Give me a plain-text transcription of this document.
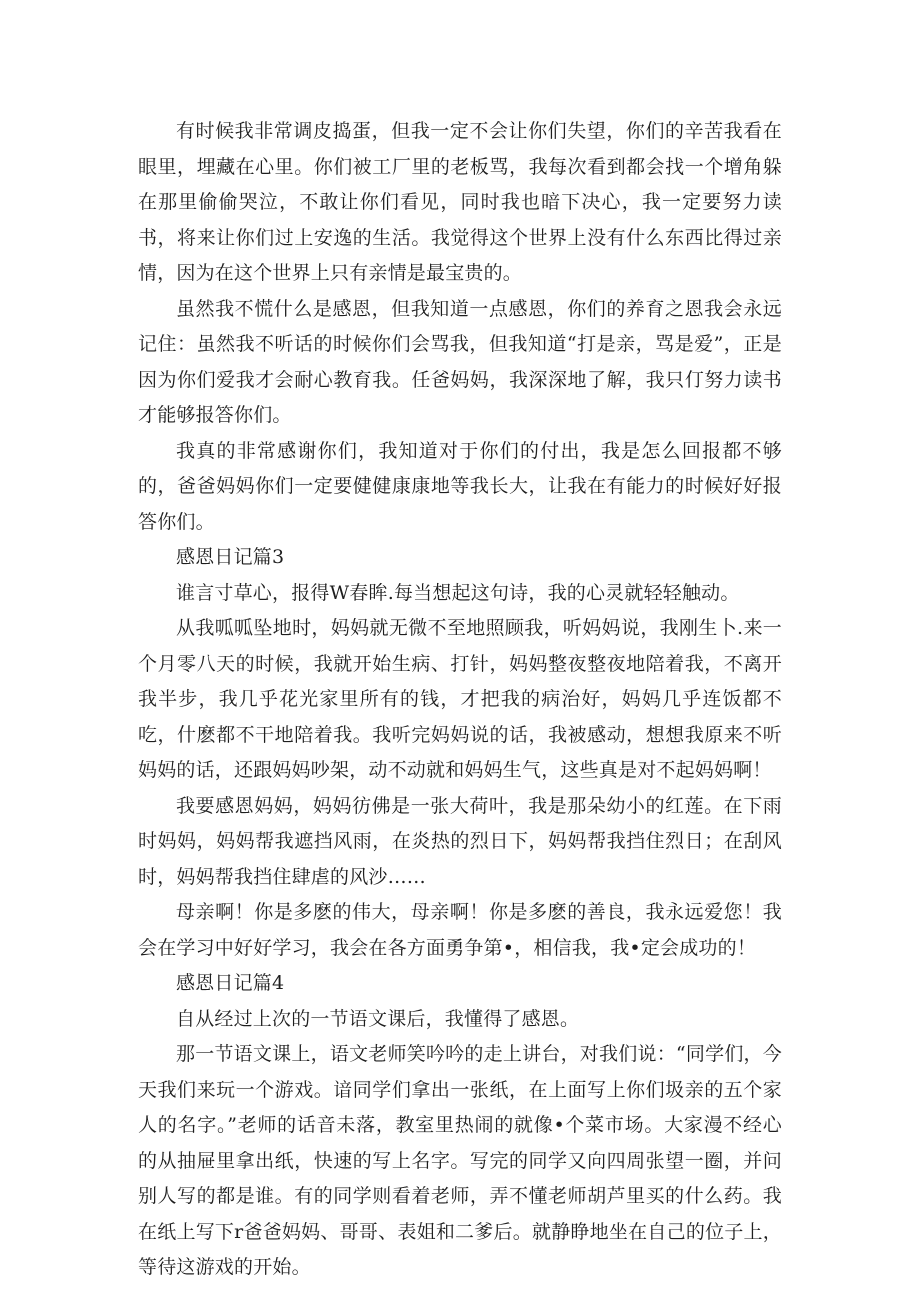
有时候我非常调皮捣蛋，但我一定不会让你们失望，你们的辛苦我看在眼里，埋藏在心里。你们被工厂里的老板骂，我每次看到都会找一个增角躲在那里偷偷哭泣，不敢让你们看见，同时我也暗下决心，我一定要努力读书，将来让你们过上安逸的生活。我觉得这个世界上没有什么东西比得过亲情，因为在这个世界上只有亲情是最宝贵的。

虽然我不慌什么是感恩，但我知道一点感恩，你们的养育之恩我会永远记住：虽然我不听话的时候你们会骂我，但我知道“打是亲，骂是爱”，正是因为你们爱我才会耐心教育我。任爸妈妈，我深深地了解，我只仃努力读书才能够报答你们。

我真的非常感谢你们，我知道对于你们的付出，我是怎么回报都不够的，爸爸妈妈你们一定要健健康康地等我长大，让我在有能力的时候好好报答你们。

感恩日记篇3

谁言寸草心，报得W春眸.每当想起这句诗，我的心灵就轻轻触动。

从我呱呱坠地时，妈妈就无微不至地照顾我，听妈妈说，我刚生卜.来一个月零八天的时候，我就开始生病、打针，妈妈整夜整夜地陪着我，不离开我半步，我几乎花光家里所有的钱，才把我的病治好，妈妈几乎连饭都不吃，什麽都不干地陪着我。我听完妈妈说的话，我被感动，想想我原来不听妈妈的话，还跟妈妈吵架，动不动就和妈妈生气，这些真是对不起妈妈啊！

我要感恩妈妈，妈妈彷佛是一张大荷叶，我是那朵幼小的红莲。在下雨时妈妈，妈妈帮我遮挡风雨，在炎热的烈日下，妈妈帮我挡住烈日；在刮风时，妈妈帮我挡住肆虐的风沙……

母亲啊！你是多麽的伟大，母亲啊！你是多麽的善良，我永远爱您！我会在学习中好好学习，我会在各方面勇争第•，相信我，我•定会成功的！

感恩日记篇4

自从经过上次的一节语文课后，我懂得了感恩。

那一节语文课上，语文老师笑吟吟的走上讲台，对我们说：“同学们，今天我们来玩一个游戏。谙同学们拿出一张纸，在上面写上你们圾亲的五个家人的名字。”老师的话音未落，教室里热闹的就像•个菜市场。大家漫不经心的从抽屉里拿出纸，快速的写上名字。写完的同学又向四周张望一圈，并问别人写的都是谁。有的同学则看着老师，弄不懂老师胡芦里买的什么药。我在纸上写下r爸爸妈妈、哥哥、表姐和二爹后。就静睁地坐在自己的位子上，等待这游戏的开始。
